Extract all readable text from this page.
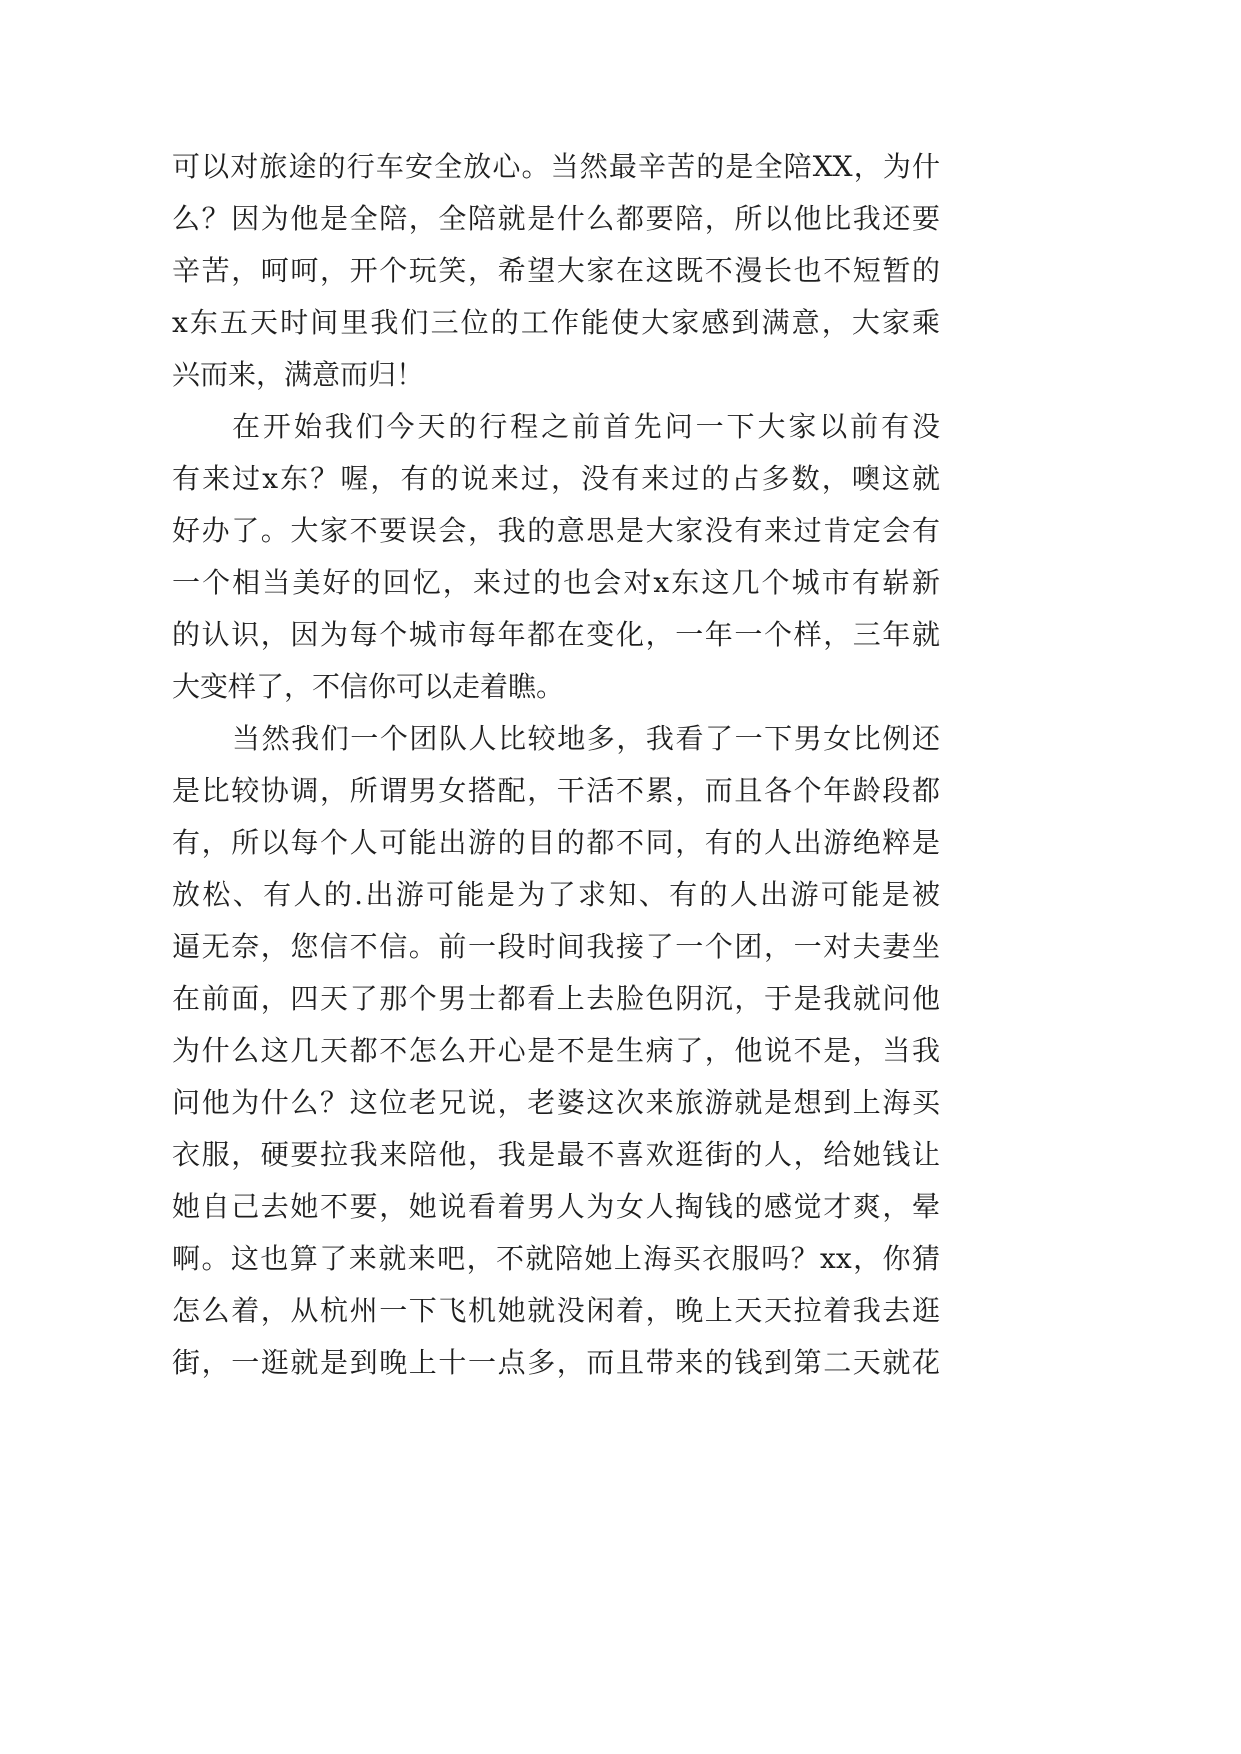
可以对旅途的行车安全放心。当然最辛苦的是全陪XX，为什
么？因为他是全陪，全陪就是什么都要陪，所以他比我还要
辛苦，呵呵，开个玩笑，希望大家在这既不漫长也不短暂的
x东五天时间里我们三位的工作能使大家感到满意，大家乘
兴而来，满意而归！
在开始我们今天的行程之前首先问一下大家以前有没
有来过x东？喔，有的说来过，没有来过的占多数，噢这就
好办了。大家不要误会，我的意思是大家没有来过肯定会有
一个相当美好的回忆，来过的也会对x东这几个城市有崭新
的认识，因为每个城市每年都在变化，一年一个样，三年就
大变样了，不信你可以走着瞧。
当然我们一个团队人比较地多，我看了一下男女比例还
是比较协调，所谓男女搭配，干活不累，而且各个年龄段都
有，所以每个人可能出游的目的都不同，有的人出游绝粹是
放松、有人的.出游可能是为了求知、有的人出游可能是被
逼无奈，您信不信。前一段时间我接了一个团，一对夫妻坐
在前面，四天了那个男士都看上去脸色阴沉，于是我就问他
为什么这几天都不怎么开心是不是生病了，他说不是，当我
问他为什么？这位老兄说，老婆这次来旅游就是想到上海买
衣服，硬要拉我来陪他，我是最不喜欢逛街的人，给她钱让
她自己去她不要，她说看着男人为女人掏钱的感觉才爽，晕
啊。这也算了来就来吧，不就陪她上海买衣服吗？xx，你猜
怎么着，从杭州一下飞机她就没闲着，晚上天天拉着我去逛
街，一逛就是到晚上十一点多，而且带来的钱到第二天就花
